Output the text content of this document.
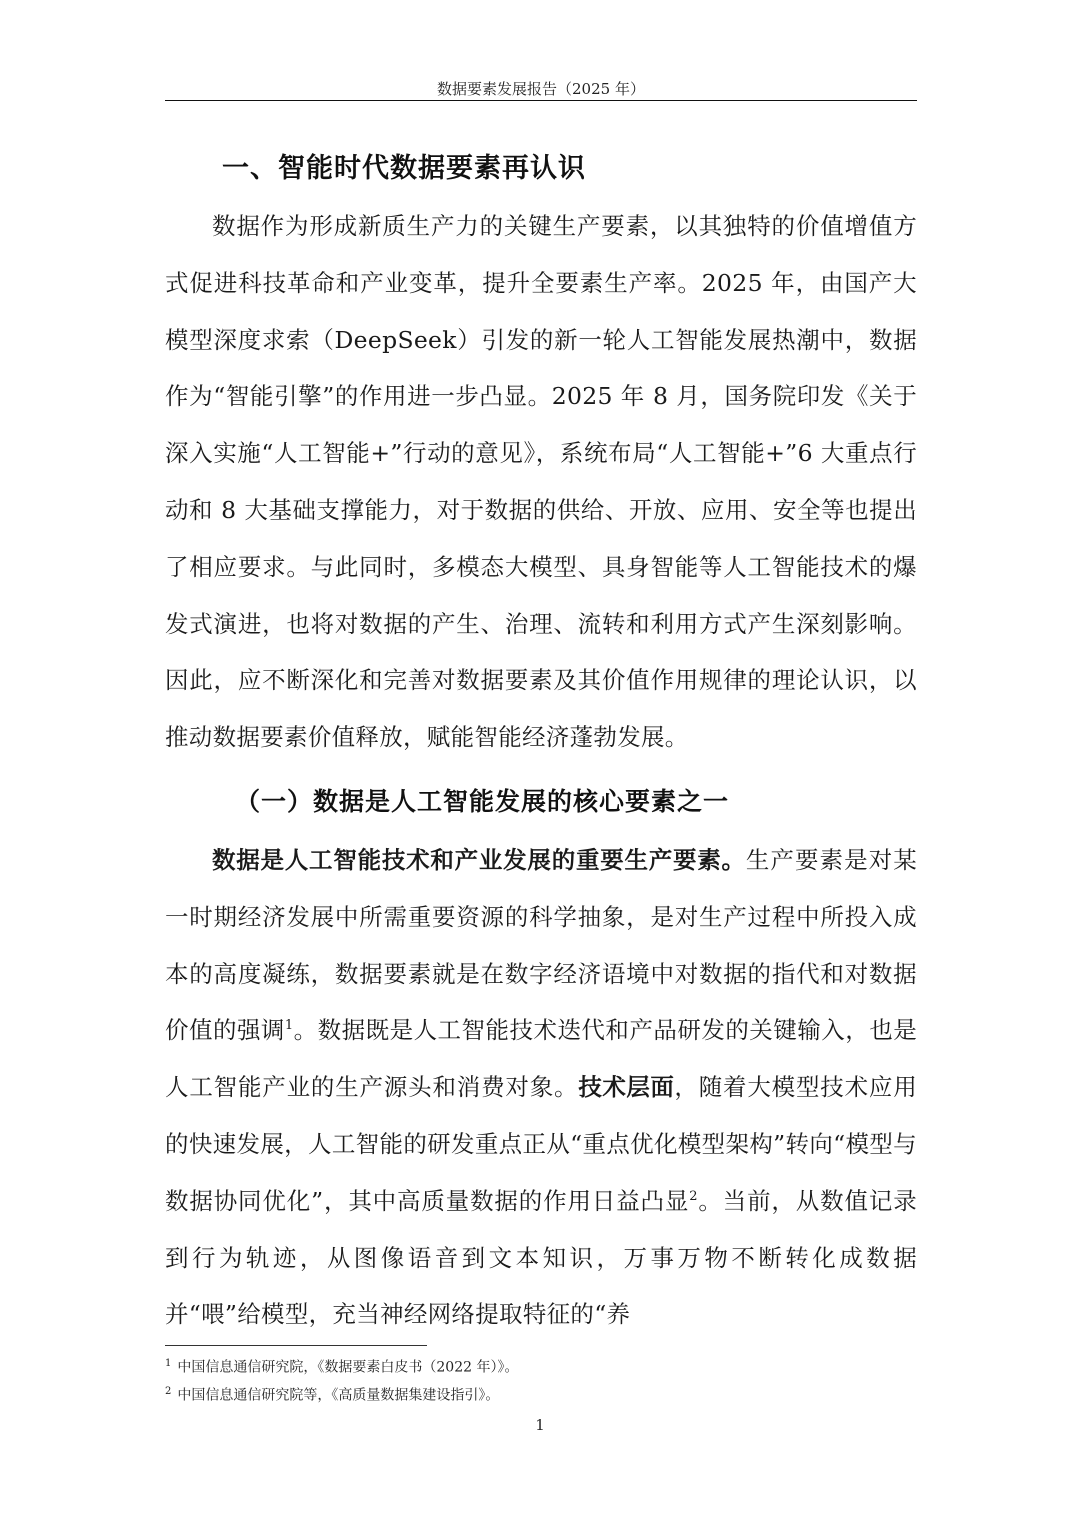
数据要素发展报告（2025 年）
一、智能时代数据要素再认识

数据作为形成新质生产力的关键生产要素，以其独特的价值增值方式促进科技革命和产业变革，提升全要素生产率。2025 年，由国产大模型深度求索（DeepSeek）引发的新一轮人工智能发展热潮中，数据作为“智能引擎”的作用进一步凸显。2025 年 8 月，国务院印发《关于深入实施“人工智能+”行动的意见》，系统布局“人工智能+”6 大重点行动和 8 大基础支撑能力，对于数据的供给、开放、应用、安全等也提出了相应要求。与此同时，多模态大模型、具身智能等人工智能技术的爆发式演进，也将对数据的产生、治理、流转和利用方式产生深刻影响。因此，应不断深化和完善对数据要素及其价值作用规律的理论认识，以推动数据要素价值释放，赋能智能经济蓬勃发展。

（一）数据是人工智能发展的核心要素之一

数据是人工智能技术和产业发展的重要生产要素。生产要素是对某一时期经济发展中所需重要资源的科学抽象，是对生产过程中所投入成本的高度凝练，数据要素就是在数字经济语境中对数据的指代和对数据价值的强调$^1$。数据既是人工智能技术迭代和产品研发的关键输入，也是人工智能产业的生产源头和消费对象。技术层面，随着大模型技术应用的快速发展，人工智能的研发重点正从“重点优化模型架构”转向“模型与数据协同优化”，其中高质量数据的作用日益凸显$^2$。当前，从数值记录到行为轨迹，从图像语音到文本知识，万事万物不断转化成数据并“喂”给模型，充当神经网络提取特征的“养

$^1$ 中国信息通信研究院，《数据要素白皮书（2022 年）》。
$^2$ 中国信息通信研究院等，《高质量数据集建设指引》。
1
